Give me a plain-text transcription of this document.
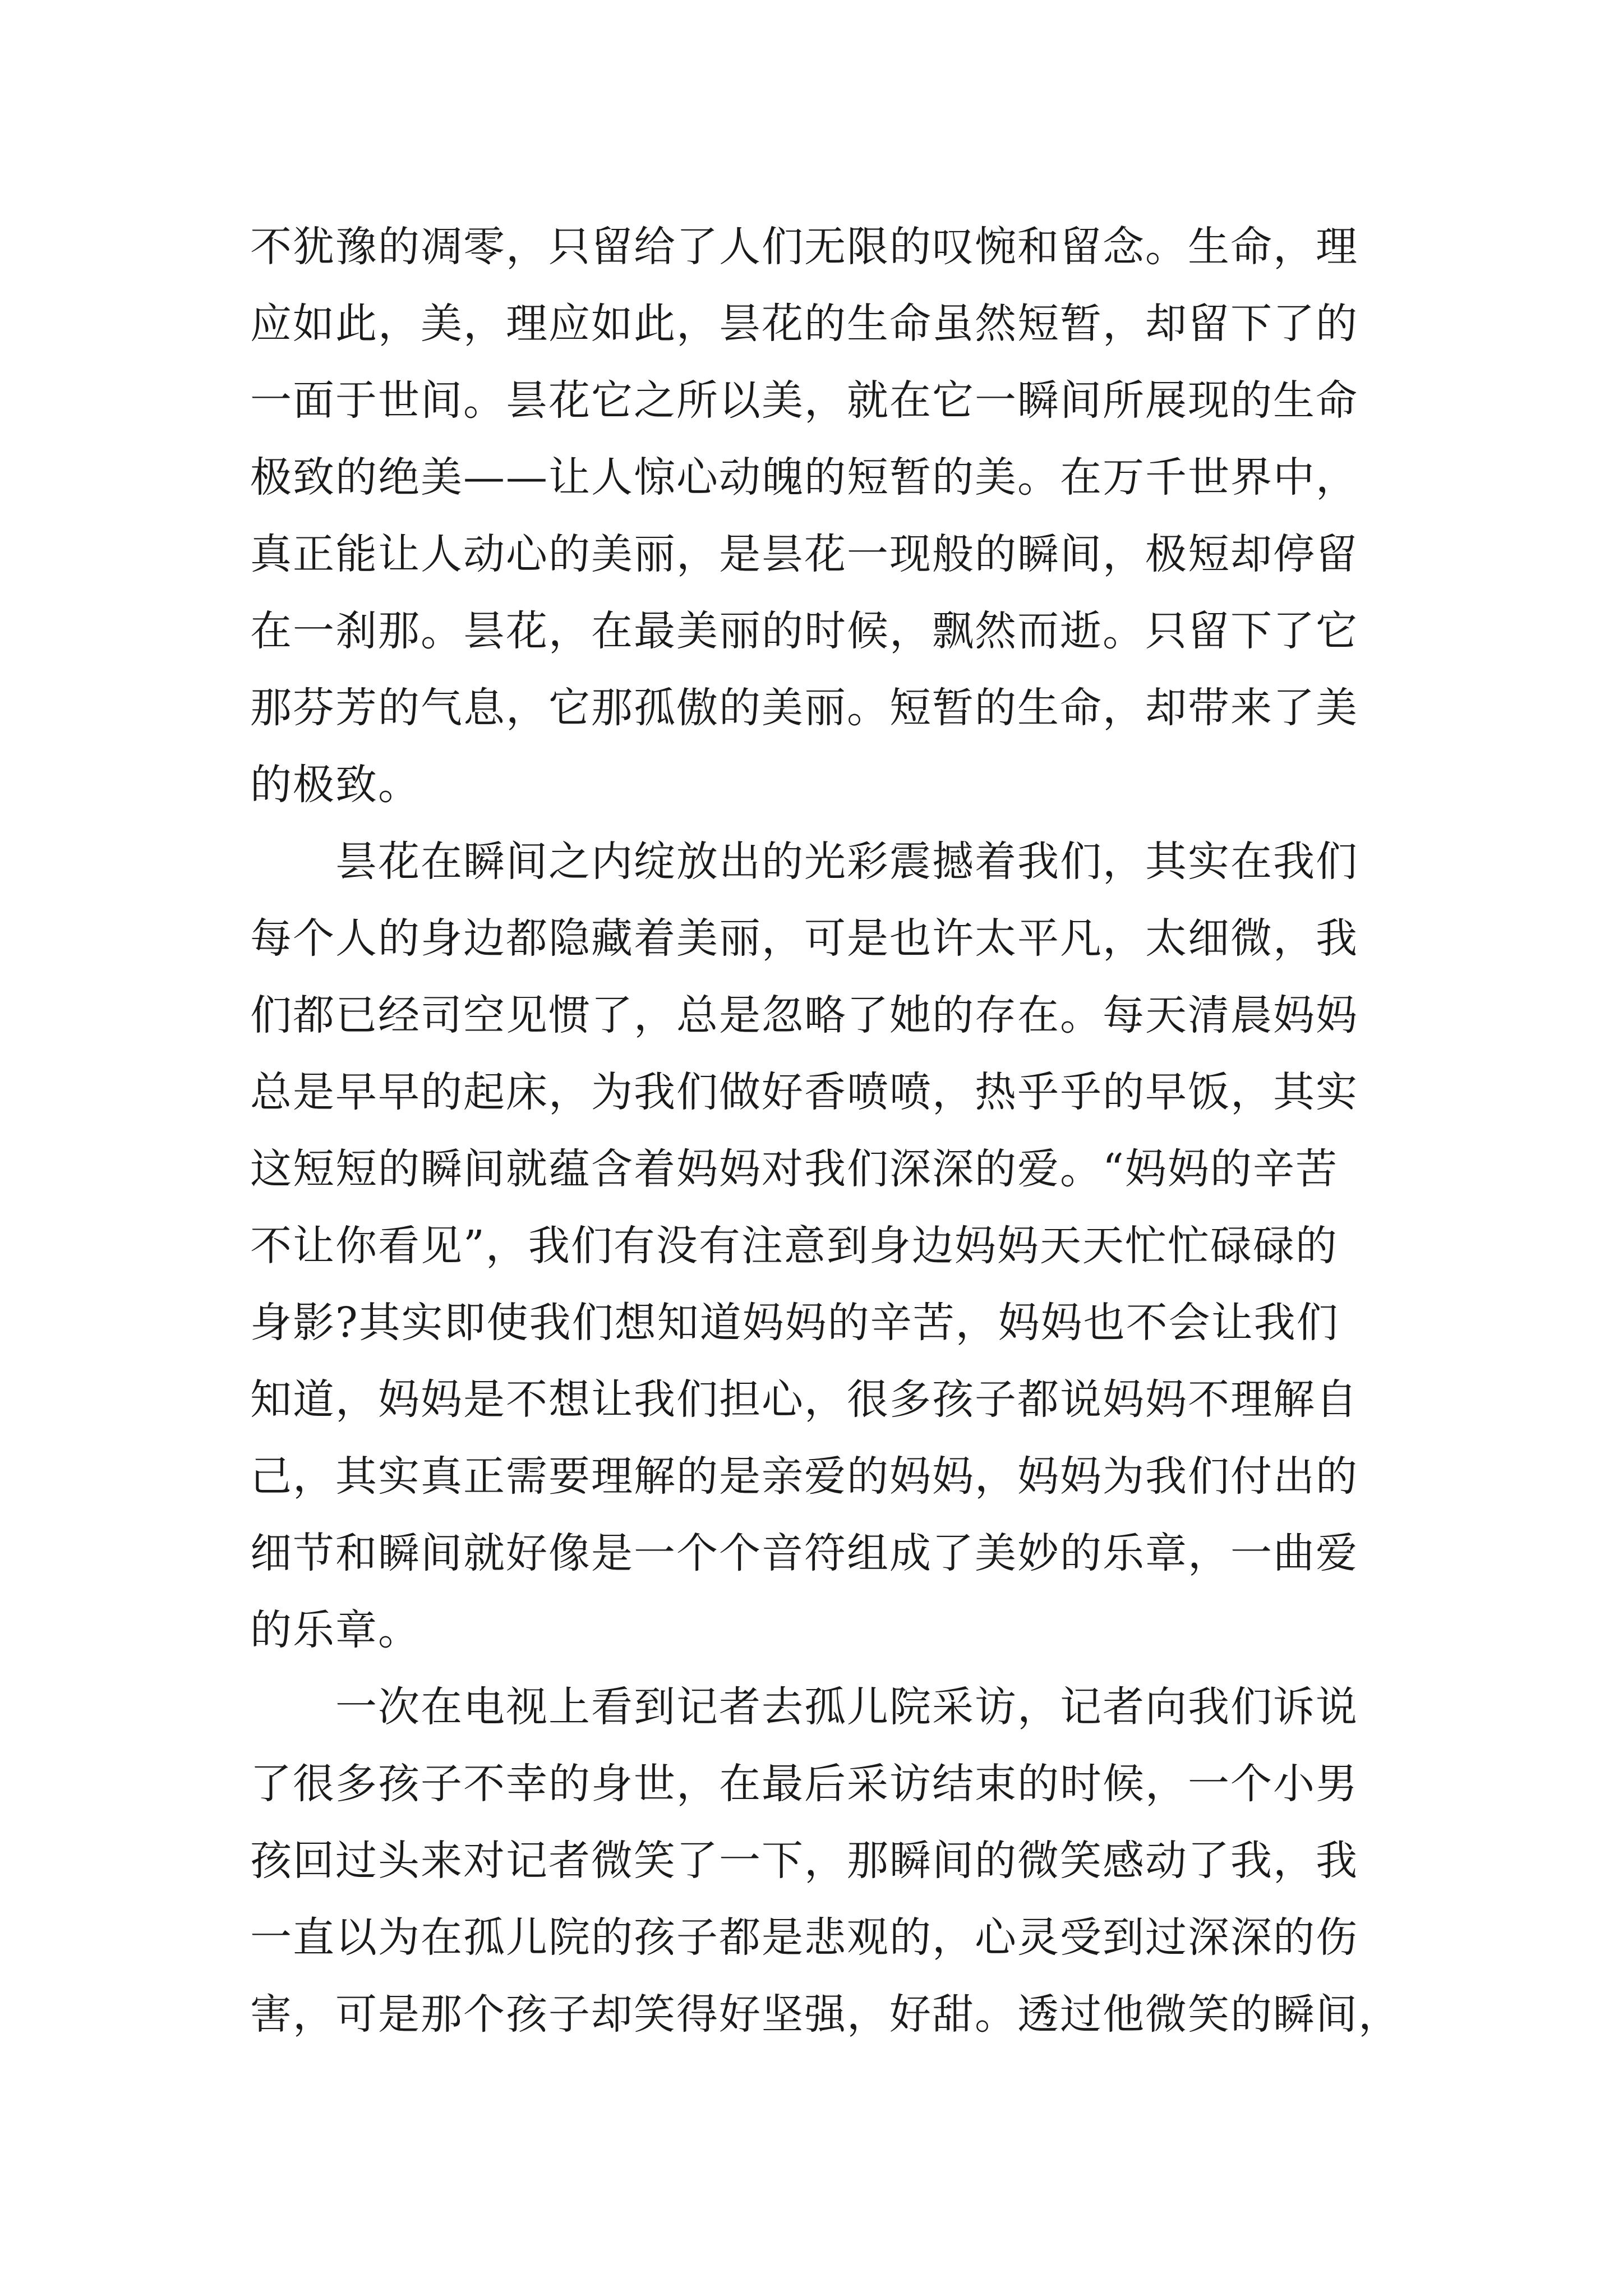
不犹豫的凋零，只留给了人们无限的叹惋和留念。生命，理
应如此，美，理应如此，昙花的生命虽然短暂，却留下了的
一面于世间。昙花它之所以美，就在它一瞬间所展现的生命
极致的绝美——让人惊心动魄的短暂的美。在万千世界中，
真正能让人动心的美丽，是昙花一现般的瞬间，极短却停留
在一刹那。昙花，在最美丽的时候，飘然而逝。只留下了它
那芬芳的气息，它那孤傲的美丽。短暂的生命，却带来了美
的极致。
　　昙花在瞬间之内绽放出的光彩震撼着我们，其实在我们
每个人的身边都隐藏着美丽，可是也许太平凡，太细微，我
们都已经司空见惯了，总是忽略了她的存在。每天清晨妈妈
总是早早的起床，为我们做好香喷喷，热乎乎的早饭，其实
这短短的瞬间就蕴含着妈妈对我们深深的爱。“妈妈的辛苦
不让你看见”，我们有没有注意到身边妈妈天天忙忙碌碌的
身影?其实即使我们想知道妈妈的辛苦，妈妈也不会让我们
知道，妈妈是不想让我们担心，很多孩子都说妈妈不理解自
己，其实真正需要理解的是亲爱的妈妈，妈妈为我们付出的
细节和瞬间就好像是一个个音符组成了美妙的乐章，一曲爱
的乐章。
　　一次在电视上看到记者去孤儿院采访，记者向我们诉说
了很多孩子不幸的身世，在最后采访结束的时候，一个小男
孩回过头来对记者微笑了一下，那瞬间的微笑感动了我，我
一直以为在孤儿院的孩子都是悲观的，心灵受到过深深的伤
害，可是那个孩子却笑得好坚强，好甜。透过他微笑的瞬间，
